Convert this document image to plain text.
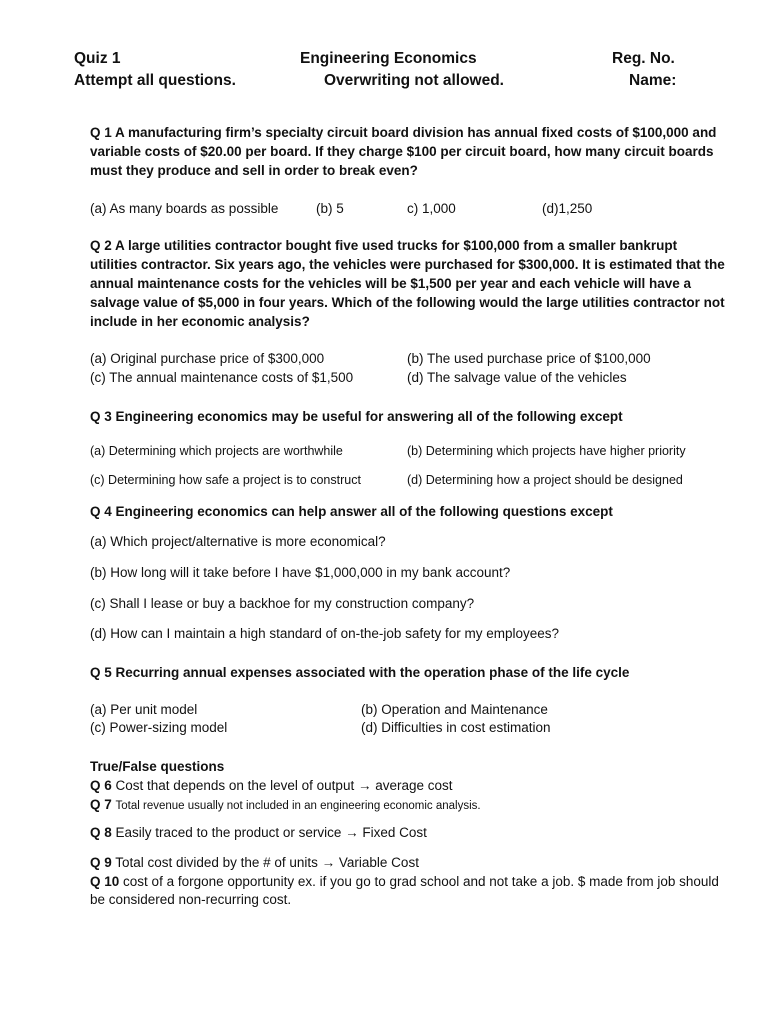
Quiz 1	Engineering Economics	Reg. No.
Attempt all questions.	Overwriting not allowed.	Name:
Q 1 A manufacturing firm’s specialty circuit board division has annual fixed costs of $100,000 and variable costs of $20.00 per board. If they charge $100 per circuit board, how many circuit boards must they produce and sell in order to break even?
(a) As many boards as possible	(b) 5	c) 1,000	(d)1,250
Q 2 A large utilities contractor bought five used trucks for $100,000 from a smaller bankrupt utilities contractor. Six years ago, the vehicles were purchased for $300,000. It is estimated that the annual maintenance costs for the vehicles will be $1,500 per year and each vehicle will have a salvage value of $5,000 in four years. Which of the following would the large utilities contractor not include in her economic analysis?
(a) Original purchase price of $300,000	(b) The used purchase price of $100,000
(c) The annual maintenance costs of $1,500	(d) The salvage value of the vehicles
Q 3 Engineering economics may be useful for answering all of the following except
(a) Determining which projects are worthwhile	(b) Determining which projects have higher priority
(c) Determining how safe a project is to construct	(d) Determining how a project should be designed
Q 4 Engineering economics can help answer all of the following questions except
(a) Which project/alternative is more economical?
(b) How long will it take before I have $1,000,000 in my bank account?
(c) Shall I lease or buy a backhoe for my construction company?
(d) How can I maintain a high standard of on-the-job safety for my employees?
Q 5 Recurring annual expenses associated with the operation phase of the life cycle
(a) Per unit model	(b) Operation and Maintenance
(c) Power-sizing model	(d) Difficulties in cost estimation
True/False questions
Q 6 Cost that depends on the level of output → average cost
Q 7 Total revenue usually not included in an engineering economic analysis.
Q 8 Easily traced to the product or service → Fixed Cost
Q 9 Total cost divided by the # of units → Variable Cost
Q 10 cost of a forgone opportunity ex. if you go to grad school and not take a job. $ made from job should be considered non-recurring cost.
